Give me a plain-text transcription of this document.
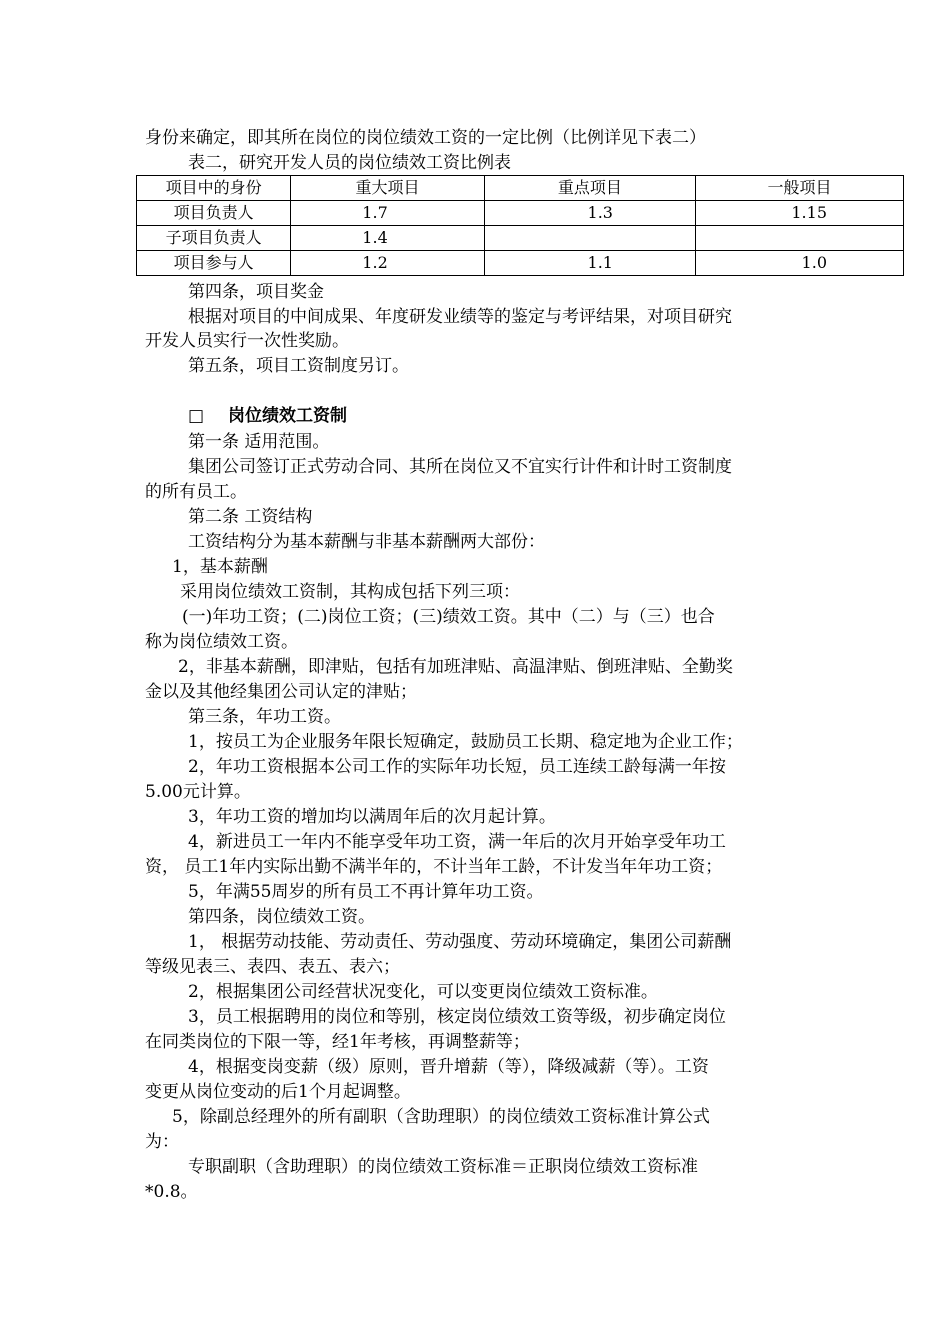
身份来确定，即其所在岗位的岗位绩效工资的一定比例（比例详见下表二）
表二，研究开发人员的岗位绩效工资比例表
项目中的身份	重大项目	重点项目	一般项目
项目负责人	1.7	1.3	1.15
子项目负责人	1.4		
项目参与人	1.2	1.1	1.0
第四条，项目奖金
根据对项目的中间成果、年度研发业绩等的鉴定与考评结果，对项目研究
开发人员实行一次性奖励。
第五条，项目工资制度另订。
□ 岗位绩效工资制
第一条 适用范围。
集团公司签订正式劳动合同、其所在岗位又不宜实行计件和计时工资制度
的所有员工。
第二条 工资结构
工资结构分为基本薪酬与非基本薪酬两大部份：
1，基本薪酬
采用岗位绩效工资制，其构成包括下列三项：
(一)年功工资；(二)岗位工资；(三)绩效工资。其中（二）与（三）也合
称为岗位绩效工资。
2，非基本薪酬，即津贴，包括有加班津贴、高温津贴、倒班津贴、全勤奖
金以及其他经集团公司认定的津贴；
第三条，年功工资。
1，按员工为企业服务年限长短确定，鼓励员工长期、稳定地为企业工作；
2，年功工资根据本公司工作的实际年功长短，员工连续工龄每满一年按
5.00元计算。
3，年功工资的增加均以满周年后的次月起计算。
4，新进员工一年内不能享受年功工资，满一年后的次月开始享受年功工
资， 员工1年内实际出勤不满半年的，不计当年工龄，不计发当年年功工资；
5，年满55周岁的所有员工不再计算年功工资。
第四条，岗位绩效工资。
1， 根据劳动技能、劳动责任、劳动强度、劳动环境确定，集团公司薪酬
等级见表三、表四、表五、表六；
2，根据集团公司经营状况变化，可以变更岗位绩效工资标准。
3，员工根据聘用的岗位和等别，核定岗位绩效工资等级，初步确定岗位
在同类岗位的下限一等，经1年考核，再调整薪等；
4，根据变岗变薪（级）原则，晋升增薪（等），降级减薪（等）。工资
变更从岗位变动的后1个月起调整。
5，除副总经理外的所有副职（含助理职）的岗位绩效工资标准计算公式
为：
专职副职（含助理职）的岗位绩效工资标准＝正职岗位绩效工资标准
*0.8。
